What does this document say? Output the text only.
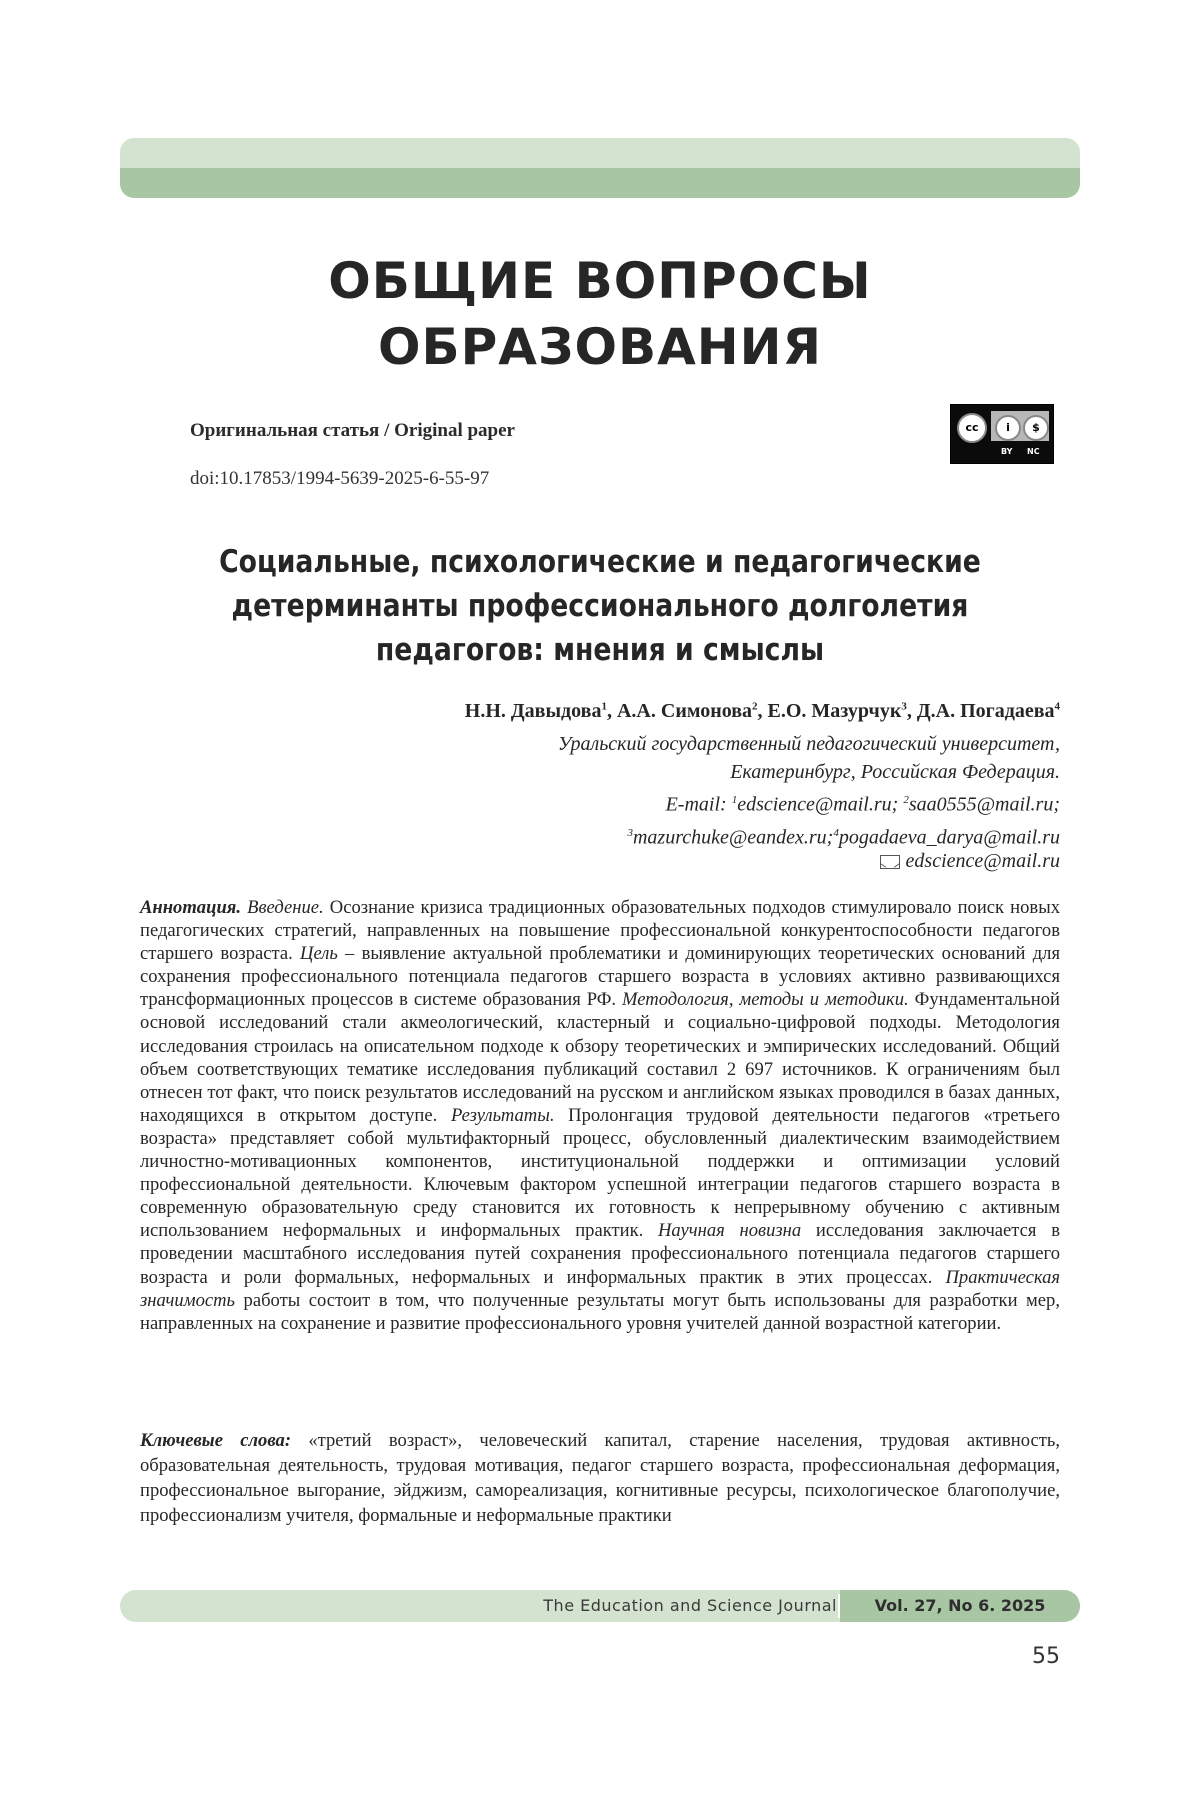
ОБЩИЕ ВОПРОСЫ
ОБРАЗОВАНИЯ
Оригинальная статья / Original paper
doi:10.17853/1994-5639-2025-6-55-97
cc	i	$
BY NC
Социальные, психологические и педагогические
детерминанты профессионального долголетия
педагогов: мнения и смыслы
Н.Н. Давыдова$^1$, А.А. Симонова$^2$, Е.О. Мазурчук$^3$, Д.А. Погадаева$^4$
Уральский государственный педагогический университет,
Екатеринбург, Российская Федерация.
E-mail: $^1$edscience@mail.ru; $^2$saa0555@mail.ru;
$^3$mazurchuke@eandex.ru;$^4$pogadaeva_darya@mail.ru
edscience@mail.ru

Аннотация. Введение. Осознание кризиса традиционных образовательных подходов стимулировало поиск новых педагогических стратегий, направленных на повышение профессиональной конкурентоспособности педагогов старшего возраста. Цель – выявление актуальной проблематики и доминирующих теоретических оснований для сохранения профессионального потенциала педагогов старшего возраста в условиях активно развивающихся трансформационных процессов в системе образования РФ. Методология, методы и методики. Фундаментальной основой исследований стали акмеологический, кластерный и социально-цифровой подходы. Методология исследования строилась на описательном подходе к обзору теоретических и эмпирических исследований. Общий объем соответствующих тематике исследования публикаций составил 2 697 источников. К ограничениям был отнесен тот факт, что поиск результатов исследований на русском и английском языках проводился в базах данных, находящихся в открытом доступе. Результаты. Пролонгация трудовой деятельности педагогов «третьего возраста» представляет собой мультифакторный процесс, обусловленный диалектическим взаимодействием личностно-мотивационных компонентов, институциональной поддержки и оптимизации условий профессиональной деятельности. Ключевым фактором успешной интеграции педагогов старшего возраста в современную образовательную среду становится их готовность к непрерывному обучению с активным использованием неформальных и информальных практик. Научная новизна исследования заключается в проведении масштабного исследования путей сохранения профессионального потенциала педагогов старшего возраста и роли формальных, неформальных и информальных практик в этих процессах. Практическая значимость работы состоит в том, что полученные результаты могут быть использованы для разработки мер, направленных на сохранение и развитие профессионального уровня учителей данной возрастной категории.

Ключевые слова: «третий возраст», человеческий капитал, старение населения, трудовая активность, образовательная деятельность, трудовая мотивация, педагог старшего возраста, профессиональная деформация, профессиональное выгорание, эйджизм, самореализация, когнитивные ресурсы, психологическое благополучие, профессионализм учителя, формальные и неформальные практики

The Education and Science Journal	Vol. 27, No 6. 2025
55
